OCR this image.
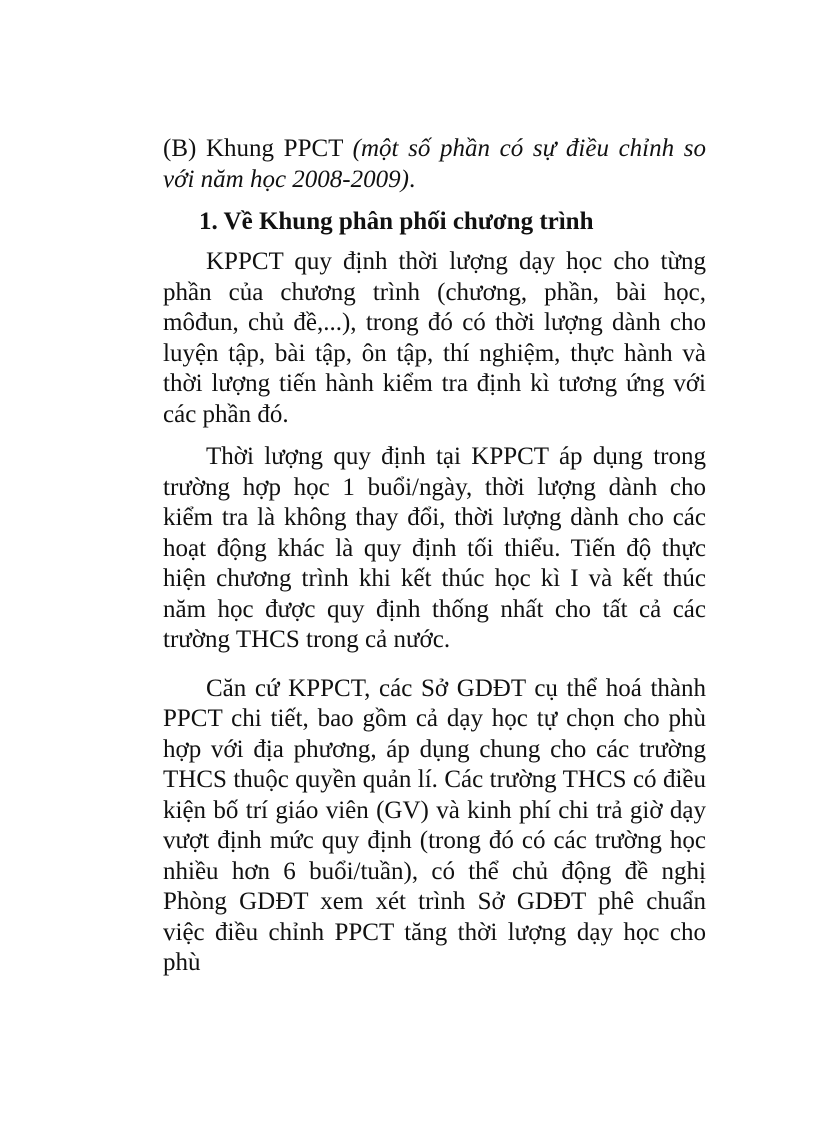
(B) Khung PPCT (một số phần có sự điều chỉnh so với năm học 2008-2009).

1. Về Khung phân phối chương trình

KPPCT quy định thời lượng dạy học cho từng phần của chương trình (chương, phần, bài học, môđun, chủ đề,...), trong đó có thời lượng dành cho luyện tập, bài tập, ôn tập, thí nghiệm, thực hành và thời lượng tiến hành kiểm tra định kì tương ứng với các phần đó.

Thời lượng quy định tại KPPCT áp dụng trong trường hợp học 1 buổi/ngày, thời lượng dành cho kiểm tra là không thay đổi, thời lượng dành cho các hoạt động khác là quy định tối thiểu. Tiến độ thực hiện chương trình khi kết thúc học kì I và kết thúc năm học được quy định thống nhất cho tất cả các trường THCS trong cả nước.

Căn cứ KPPCT, các Sở GDĐT cụ thể hoá thành PPCT chi tiết, bao gồm cả dạy học tự chọn cho phù hợp với địa phương, áp dụng chung cho các trường THCS thuộc quyền quản lí. Các trường THCS có điều kiện bố trí giáo viên (GV) và kinh phí chi trả giờ dạy vượt định mức quy định (trong đó có các trường học nhiều hơn 6 buổi/tuần), có thể chủ động đề nghị Phòng GDĐT xem xét trình Sở GDĐT phê chuẩn việc điều chỉnh PPCT tăng thời lượng dạy học cho phù
